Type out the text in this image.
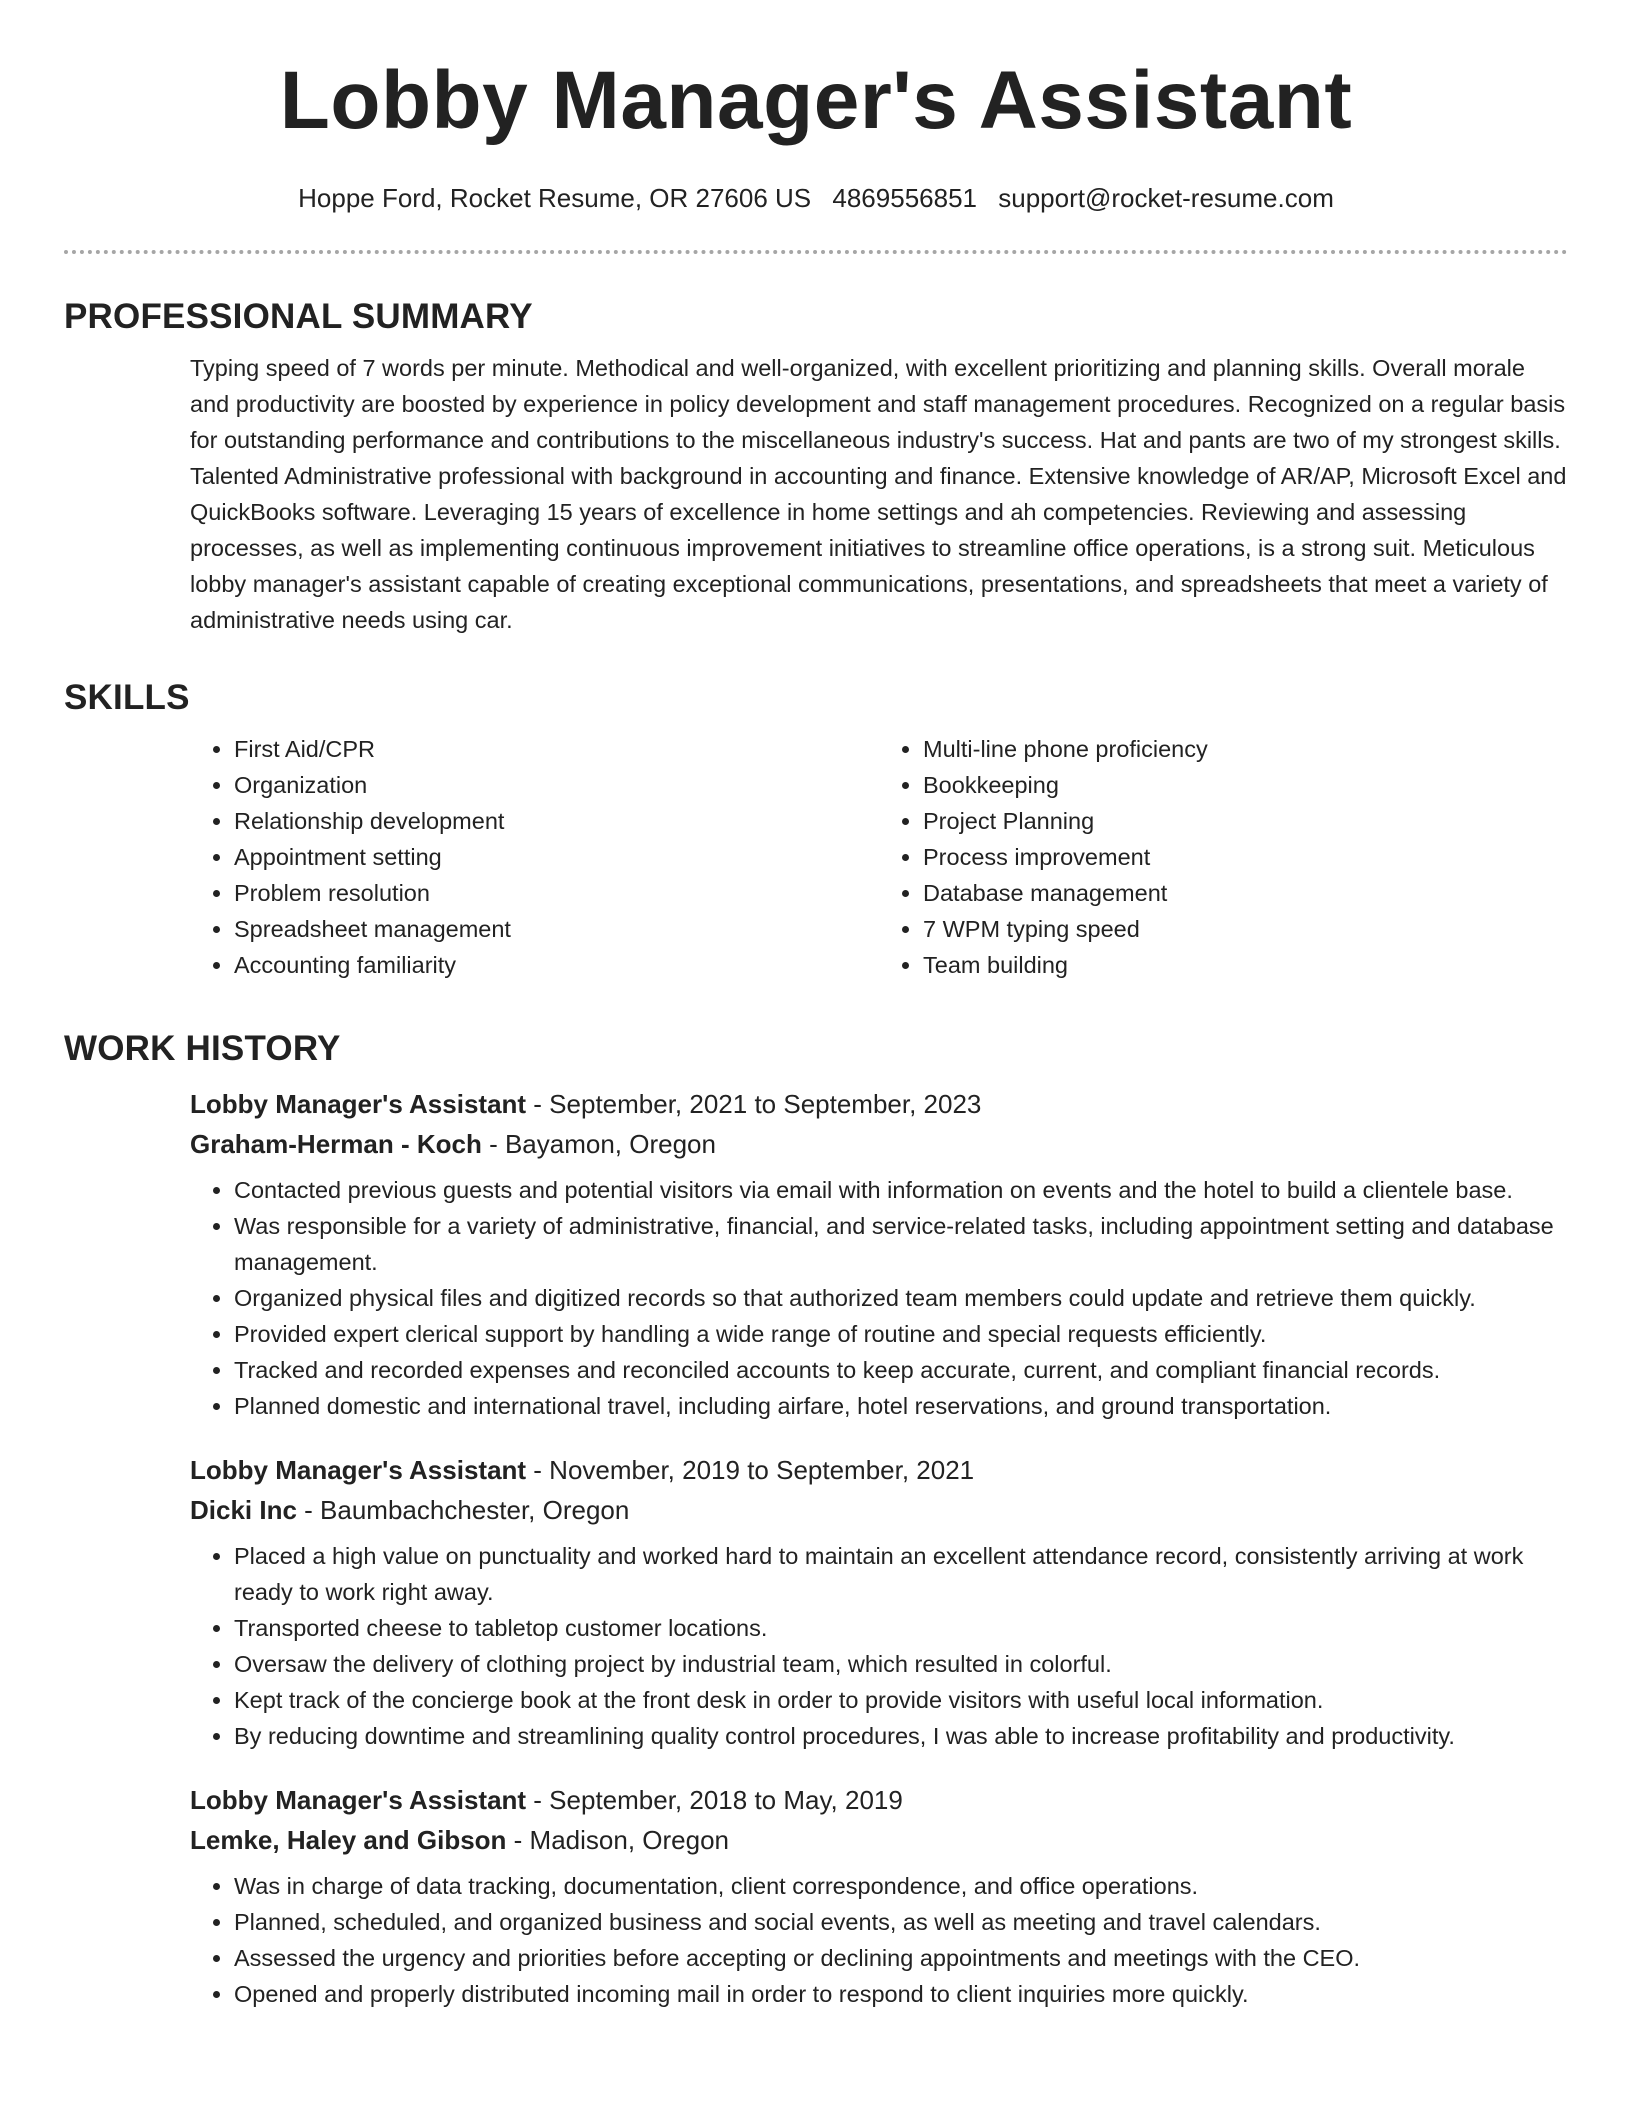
Lobby Manager's Assistant
Hoppe Ford, Rocket Resume, OR 27606 US 4869556851 support@rocket-resume.com
PROFESSIONAL SUMMARY

Typing speed of 7 words per minute. Methodical and well-organized, with excellent prioritizing and planning skills. Overall morale and productivity are boosted by experience in policy development and staff management procedures. Recognized on a regular basis for outstanding performance and contributions to the miscellaneous industry's success. Hat and pants are two of my strongest skills. Talented Administrative professional with background in accounting and finance. Extensive knowledge of AR/AP, Microsoft Excel and QuickBooks software. Leveraging 15 years of excellence in home settings and ah competencies. Reviewing and assessing processes, as well as implementing continuous improvement initiatives to streamline office operations, is a strong suit. Meticulous lobby manager's assistant capable of creating exceptional communications, presentations, and spreadsheets that meet a variety of administrative needs using car.

SKILLS
• First Aid/CPR
• Organization
• Relationship development
• Appointment setting
• Problem resolution
• Spreadsheet management
• Accounting familiarity
• Multi-line phone proficiency
• Bookkeeping
• Project Planning
• Process improvement
• Database management
• 7 WPM typing speed
• Team building
WORK HISTORY
Lobby Manager's Assistant - September, 2021 to September, 2023
Graham-Herman - Koch - Bayamon, Oregon
• Contacted previous guests and potential visitors via email with information on events and the hotel to build a clientele base.
• Was responsible for a variety of administrative, financial, and service-related tasks, including appointment setting and database management.
• Organized physical files and digitized records so that authorized team members could update and retrieve them quickly.
• Provided expert clerical support by handling a wide range of routine and special requests efficiently.
• Tracked and recorded expenses and reconciled accounts to keep accurate, current, and compliant financial records.
• Planned domestic and international travel, including airfare, hotel reservations, and ground transportation.
Lobby Manager's Assistant - November, 2019 to September, 2021
Dicki Inc - Baumbachchester, Oregon
• Placed a high value on punctuality and worked hard to maintain an excellent attendance record, consistently arriving at work ready to work right away.
• Transported cheese to tabletop customer locations.
• Oversaw the delivery of clothing project by industrial team, which resulted in colorful.
• Kept track of the concierge book at the front desk in order to provide visitors with useful local information.
• By reducing downtime and streamlining quality control procedures, I was able to increase profitability and productivity.
Lobby Manager's Assistant - September, 2018 to May, 2019
Lemke, Haley and Gibson - Madison, Oregon
• Was in charge of data tracking, documentation, client correspondence, and office operations.
• Planned, scheduled, and organized business and social events, as well as meeting and travel calendars.
• Assessed the urgency and priorities before accepting or declining appointments and meetings with the CEO.
• Opened and properly distributed incoming mail in order to respond to client inquiries more quickly.
